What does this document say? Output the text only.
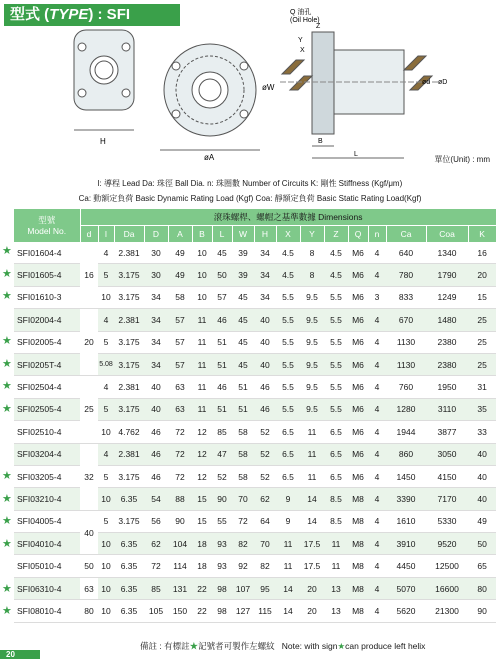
型式 (TYPE) : SFI
H
øA
øW
Q 油孔
(Oil Hole)
Z
Y
X
ød øD
B
L
單位(Unit) : mm
l: 導程 Lead Da: 珠徑 Ball Dia. n: 珠圈數 Number of Circuits K: 剛性 Stiffness (Kgf/μm)
Ca: 動額定負荷 Basic Dynamic Rating Load (Kgf) Coa: 靜額定負荷 Basic Static Rating Load(Kgf)
★
★
★
★
★
★
★
★
★
★
★
★
★
型號
Model No.	滾珠螺桿、螺帽之基準數據 Dimensions																
	d	l	Da	D	A	B	L	W	H	X	Y	Z	Q	n	Ca	Coa	K
SFI01604-4	16	4	2.381	30	49	10	45	39	34	4.5	8	4.5	M6	4	640	1340	16
SFI01605-4		5	3.175	30	49	10	50	39	34	4.5	8	4.5	M6	4	780	1790	20
SFI01610-3		10	3.175	34	58	10	57	45	34	5.5	9.5	5.5	M6	3	833	1249	15
SFI02004-4	20	4	2.381	34	57	11	46	45	40	5.5	9.5	5.5	M6	4	670	1480	25
SFI02005-4		5	3.175	34	57	11	51	45	40	5.5	9.5	5.5	M6	4	1130	2380	25
SFI0205T-4		5.08	3.175	34	57	11	51	45	40	5.5	9.5	5.5	M6	4	1130	2380	25
SFI02504-4	25	4	2.381	40	63	11	46	51	46	5.5	9.5	5.5	M6	4	760	1950	31
SFI02505-4		5	3.175	40	63	11	51	51	46	5.5	9.5	5.5	M6	4	1280	3110	35
SFI02510-4		10	4.762	46	72	12	85	58	52	6.5	11	6.5	M6	4	1944	3877	33
SFI03204-4	32	4	2.381	46	72	12	47	58	52	6.5	11	6.5	M6	4	860	3050	40
SFI03205-4		5	3.175	46	72	12	52	58	52	6.5	11	6.5	M6	4	1450	4150	40
SFI03210-4		10	6.35	54	88	15	90	70	62	9	14	8.5	M8	4	3390	7170	40
SFI04005-4	40	5	3.175	56	90	15	55	72	64	9	14	8.5	M8	4	1610	5330	49
SFI04010-4		10	6.35	62	104	18	93	82	70	11	17.5	11	M8	4	3910	9520	50
SFI05010-4	50	10	6.35	72	114	18	93	92	82	11	17.5	11	M8	4	4450	12500	65
SFI06310-4	63	10	6.35	85	131	22	98	107	95	14	20	13	M8	4	5070	16600	80
SFI08010-4	80	10	6.35	105	150	22	98	127	115	14	20	13	M8	4	5620	21300	90
備註 : 有標註★記號者可製作左螺紋 Note: with sign★can produce left helix
20
